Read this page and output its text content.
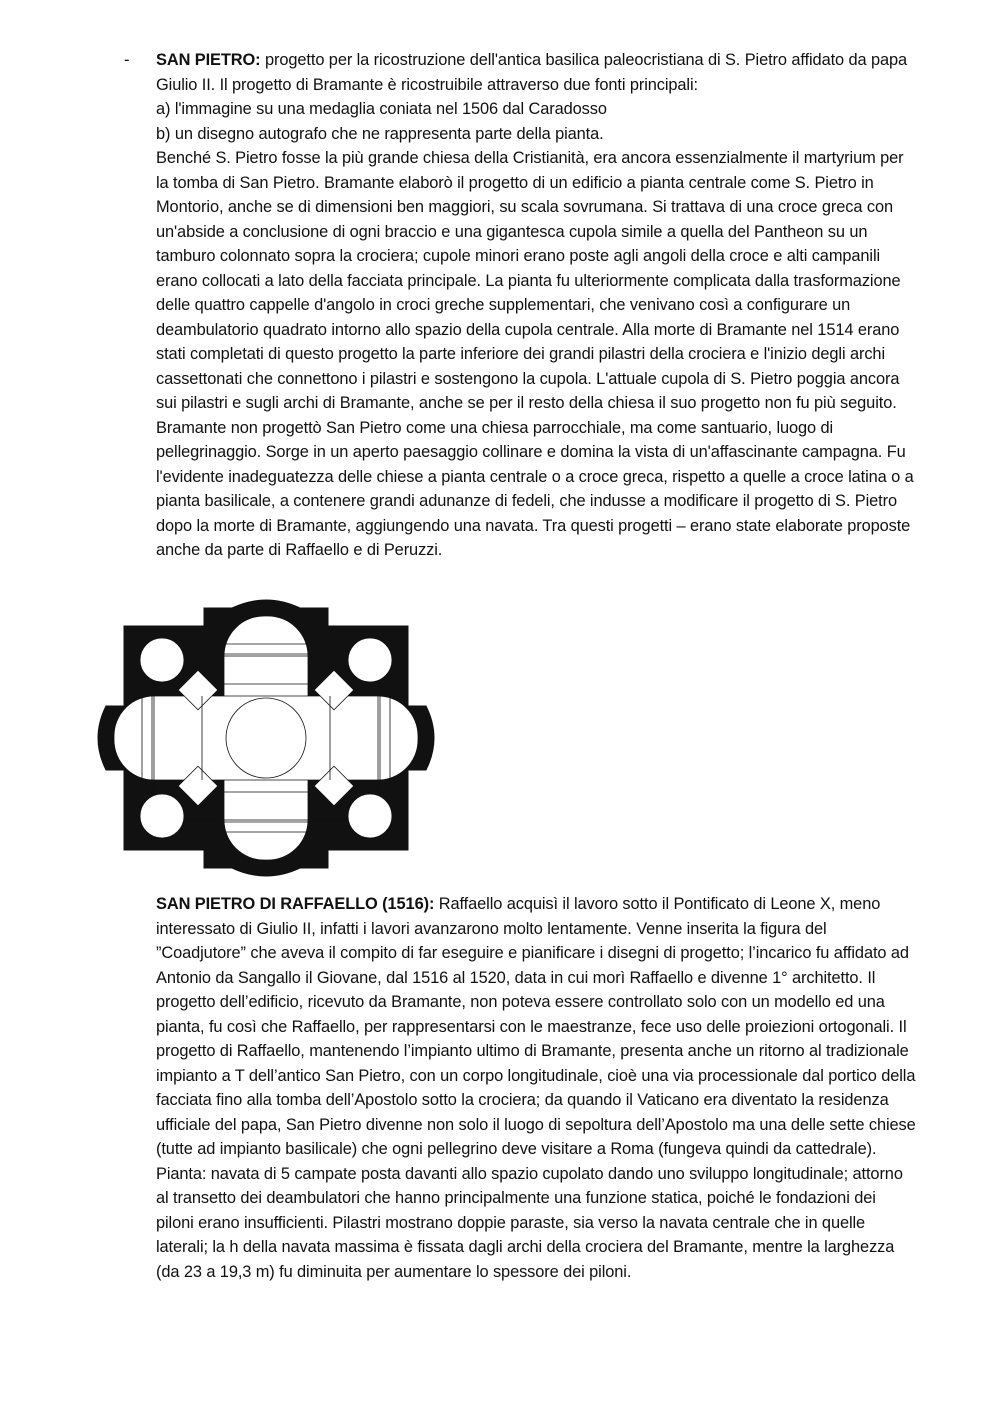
- SAN PIETRO: progetto per la ricostruzione dell'antica basilica paleocristiana di S. Pietro affidato da papa Giulio II. Il progetto di Bramante è ricostruibile attraverso due fonti principali:

a) l'immagine su una medaglia coniata nel 1506 dal Caradosso

b) un disegno autografo che ne rappresenta parte della pianta.

Benché S. Pietro fosse la più grande chiesa della Cristianità, era ancora essenzialmente il martyrium per la tomba di San Pietro. Bramante elaborò il progetto di un edificio a pianta centrale come S. Pietro in Montorio, anche se di dimensioni ben maggiori, su scala sovrumana. Si trattava di una croce greca con un'abside a conclusione di ogni braccio e una gigantesca cupola simile a quella del Pantheon su un tamburo colonnato sopra la crociera; cupole minori erano poste agli angoli della croce e alti campanili erano collocati a lato della facciata principale. La pianta fu ulteriormente complicata dalla trasformazione delle quattro cappelle d'angolo in croci greche supplementari, che venivano così a configurare un deambulatorio quadrato intorno allo spazio della cupola centrale. Alla morte di Bramante nel 1514 erano stati completati di questo progetto la parte inferiore dei grandi pilastri della crociera e l'inizio degli archi cassettonati che connettono i pilastri e sostengono la cupola. L'attuale cupola di S. Pietro poggia ancora sui pilastri e sugli archi di Bramante, anche se per il resto della chiesa il suo progetto non fu più seguito. Bramante non progettò San Pietro come una chiesa parrocchiale, ma come santuario, luogo di pellegrinaggio. Sorge in un aperto paesaggio collinare e domina la vista di un'affascinante campagna. Fu l'evidente inadeguatezza delle chiese a pianta centrale o a croce greca, rispetto a quelle a croce latina o a pianta basilicale, a contenere grandi adunanze di fedeli, che indusse a modificare il progetto di S. Pietro dopo la morte di Bramante, aggiungendo una navata. Tra questi progetti – erano state elaborate proposte anche da parte di Raffaello e di Peruzzi.

SAN PIETRO DI RAFFAELLO (1516): Raffaello acquisì il lavoro sotto il Pontificato di Leone X, meno interessato di Giulio II, infatti i lavori avanzarono molto lentamente. Venne inserita la figura del ”Coadjutore” che aveva il compito di far eseguire e pianificare i disegni di progetto; l’incarico fu affidato ad Antonio da Sangallo il Giovane, dal 1516 al 1520, data in cui morì Raffaello e divenne 1° architetto. Il progetto dell’edificio, ricevuto da Bramante, non poteva essere controllato solo con un modello ed una pianta, fu così che Raffaello, per rappresentarsi con le maestranze, fece uso delle proiezioni ortogonali. Il progetto di Raffaello, mantenendo l’impianto ultimo di Bramante, presenta anche un ritorno al tradizionale impianto a T dell’antico San Pietro, con un corpo longitudinale, cioè una via processionale dal portico della facciata fino alla tomba dell’Apostolo sotto la crociera; da quando il Vaticano era diventato la residenza ufficiale del papa, San Pietro divenne non solo il luogo di sepoltura dell’Apostolo ma una delle sette chiese (tutte ad impianto basilicale) che ogni pellegrino deve visitare a Roma (fungeva quindi da cattedrale). Pianta: navata di 5 campate posta davanti allo spazio cupolato dando uno sviluppo longitudinale; attorno al transetto dei deambulatori che hanno principalmente una funzione statica, poiché le fondazioni dei piloni erano insufficienti. Pilastri mostrano doppie paraste, sia verso la navata centrale che in quelle laterali; la h della navata massima è fissata dagli archi della crociera del Bramante, mentre la larghezza (da 23 a 19,3 m) fu diminuita per aumentare lo spessore dei piloni.
